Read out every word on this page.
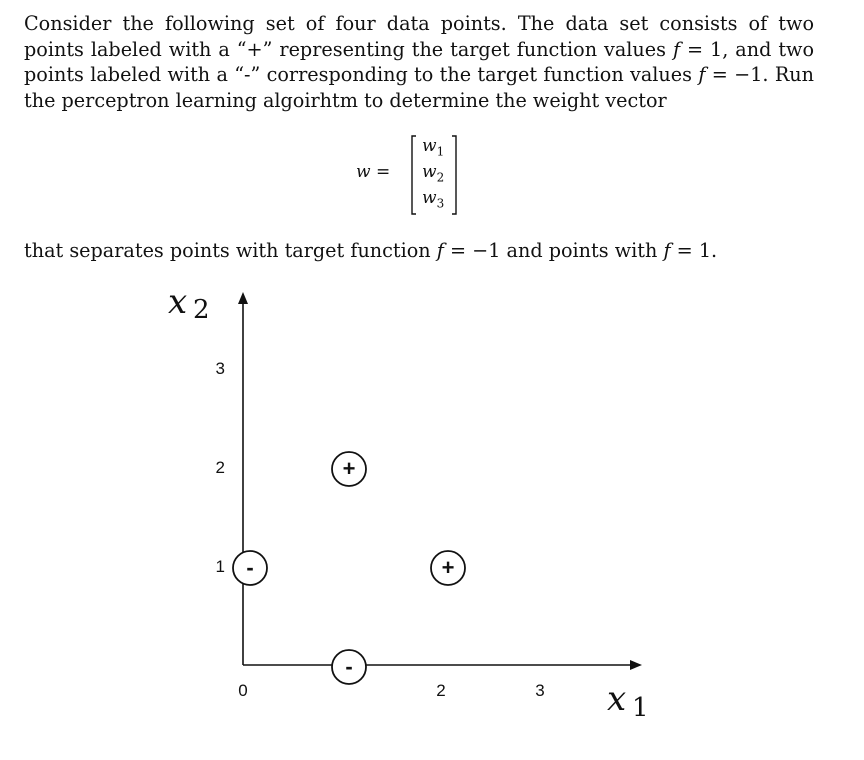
Consider the following set of four data points. The data set consists of two points labeled with a “+” representing the target function values f = 1, and two points labeled with a “-” corresponding to the target function values f = −1. Run the perceptron learning algoirhtm to determine the weight vector

w =
$w_1$
$w_2$
$w_3$

that separates points with target function f = −1 and points with f = 1.

x 2
x 1
0	2	3
1
2
3
+
+
-
-
